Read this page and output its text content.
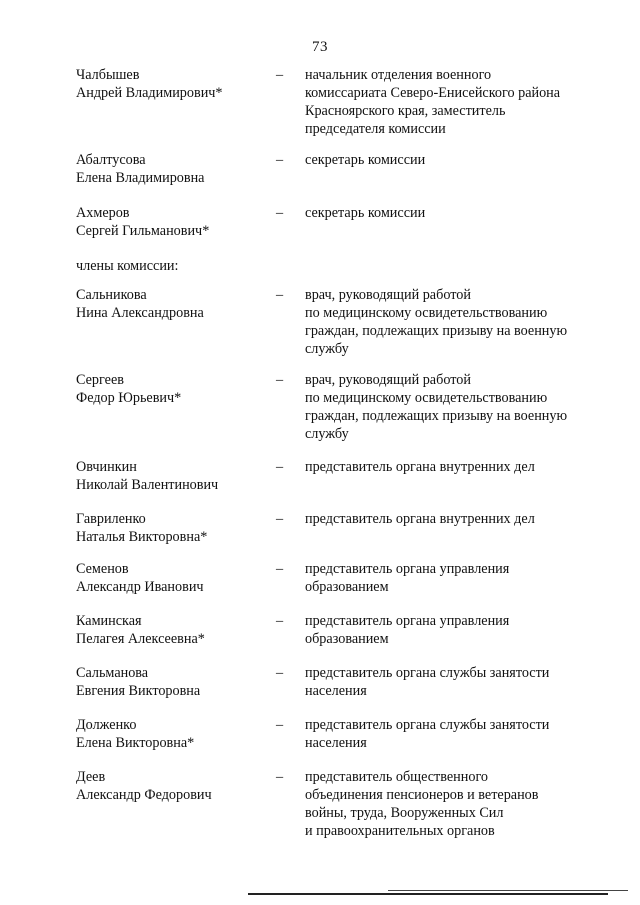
73
Чалбышев
Андрей Владимирович*
– начальник отделения военного
комиссариата Северо-Енисейского района
Красноярского края, заместитель
председателя комиссии
Абалтусова
Елена Владимировна
– секретарь комиссии
Ахмеров
Сергей Гильманович*
– секретарь комиссии
члены комиссии:
Сальникова
Нина Александровна
– врач, руководящий работой
по медицинскому освидетельствованию
граждан, подлежащих призыву на военную
службу
Сергеев
Федор Юрьевич*
– врач, руководящий работой
по медицинскому освидетельствованию
граждан, подлежащих призыву на военную
службу
Овчинкин
Николай Валентинович
– представитель органа внутренних дел
Гавриленко
Наталья Викторовна*
– представитель органа внутренних дел
Семенов
Александр Иванович
– представитель органа управления
образованием
Каминская
Пелагея Алексеевна*
– представитель органа управления
образованием
Сальманова
Евгения Викторовна
– представитель органа службы занятости
населения
Долженко
Елена Викторовна*
– представитель органа службы занятости
населения
Деев
Александр Федорович
– представитель общественного
объединения пенсионеров и ветеранов
войны, труда, Вооруженных Сил
и правоохранительных органов
